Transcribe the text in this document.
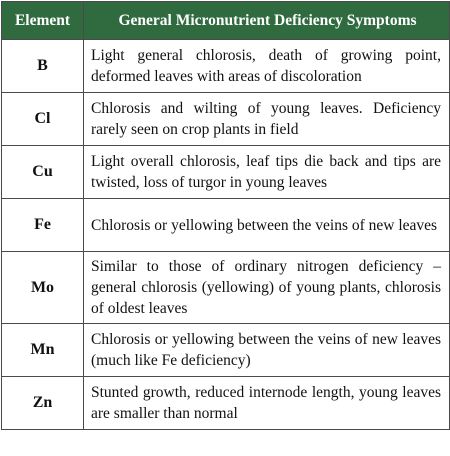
Element	General Micronutrient Deficiency Symptoms
B	Light general chlorosis, death of growing point, deformed leaves with areas of discoloration
Cl	Chlorosis and wilting of young leaves. Deficiency rarely seen on crop plants in field
Cu	Light overall chlorosis, leaf tips die back and tips are twisted, loss of turgor in young leaves
Fe	Chlorosis or yellowing between the veins of new leaves
Mo	Similar to those of ordinary nitrogen deficiency – general chlorosis (yellowing) of young plants, chlorosis of oldest leaves
Mn	Chlorosis or yellowing between the veins of new leaves (much like Fe deficiency)
Zn	Stunted growth, reduced internode length, young leaves are smaller than normal
